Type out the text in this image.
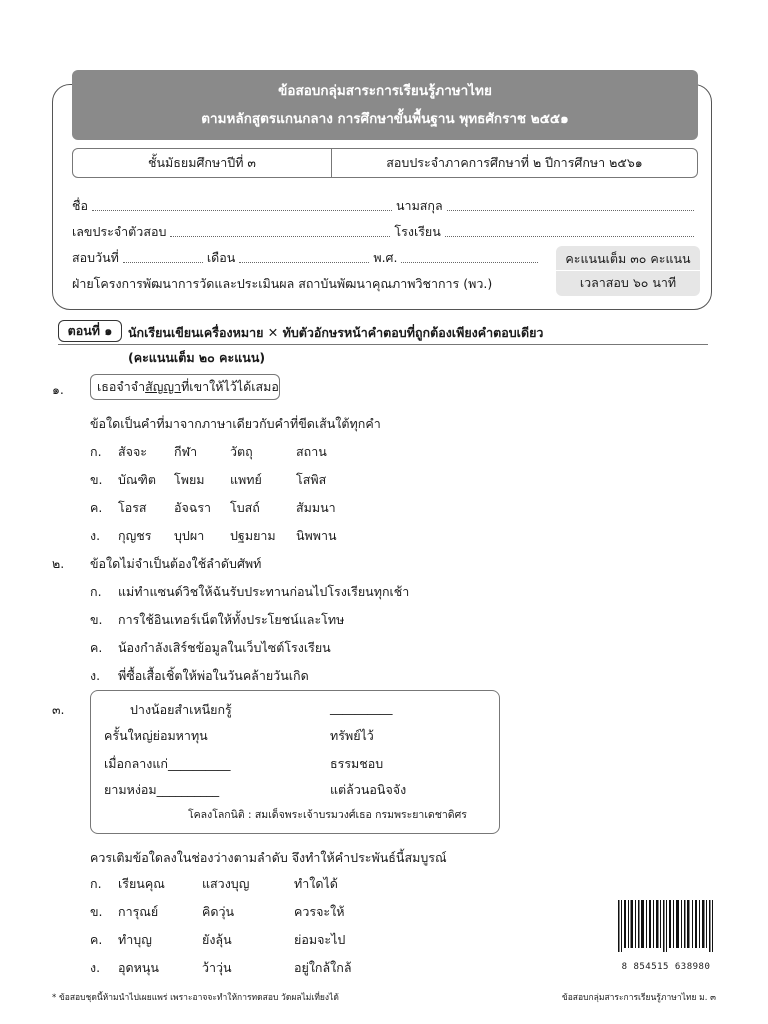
ข้อสอบกลุ่มสาระการเรียนรู้ภาษาไทย
ตามหลักสูตรแกนกลาง การศึกษาขั้นพื้นฐาน พุทธศักราช ๒๕๕๑
ชั้นมัธยมศึกษาปีที่ ๓	สอบประจำภาคการศึกษาที่ ๒ ปีการศึกษา ๒๕๖๑
ชื่อ	นามสกุล
เลขประจำตัวสอบ	โรงเรียน
สอบวันที่	เดือน	พ.ศ.
ฝ่ายโครงการพัฒนาการวัดและประเมินผล สถาบันพัฒนาคุณภาพวิชาการ (พว.)
คะแนนเต็ม ๓๐ คะแนน
เวลาสอบ ๖๐ นาที
ตอนที่ ๑	นักเรียนเขียนเครื่องหมาย ✕ ทับตัวอักษรหน้าคำตอบที่ถูกต้องเพียงคำตอบเดียว
(คะแนนเต็ม ๒๐ คะแนน)
๑.	เธอจำจำ สัญญา ที่เขาให้ไว้ได้เสมอ
ข้อใดเป็นคำที่มาจากภาษาเดียวกับคำที่ขีดเส้นใต้ทุกคำ
ก.	สัจจะ	กีฬา	วัตถุ	สถาน
ข.	บัณฑิต	โพยม	แพทย์	โสพิส
ค.	โอรส	อัจฉรา	โบสถ์	สัมมนา
ง.	กุญชร	บุปผา	ปฐมยาม	นิพพาน
๒. ข้อใดไม่จำเป็นต้องใช้ลำดับศัพท์
ก.	แม่ทำแซนด์วิชให้ฉันรับประทานก่อนไปโรงเรียนทุกเช้า
ข.	การใช้อินเทอร์เน็ตให้ทั้งประโยชน์และโทษ
ค.	น้องกำลังเสิร์ชข้อมูลในเว็บไซต์โรงเรียน
ง.	พี่ซื้อเสื้อเชิ้ตให้พ่อในวันคล้ายวันเกิด
๓.	ปางน้อยสำเหนียกรู้	__________
ครั้นใหญ่ย่อมหาทุน	ทรัพย์ไว้
เมื่อกลางแก่__________	ธรรมชอบ
ยามหง่อม__________	แต่ล้วนอนิจจัง
โคลงโลกนิติ : สมเด็จพระเจ้าบรมวงศ์เธอ กรมพระยาเดชาดิศร
ควรเติมข้อใดลงในช่องว่างตามลำดับ จึงทำให้คำประพันธ์นี้สมบูรณ์
ก.	เรียนคุณ	แสวงบุญ	ทำใดได้
ข.	การุณย์	คิดวุ่น	ควรจะให้
ค.	ทำบุญ	ยังลุ้น	ย่อมจะไป
ง.	อุดหนุน	ว้าวุ่น	อยู่ใกล้ใกล้	8 854515 638980
* ข้อสอบชุดนี้ห้ามนำไปเผยแพร่ เพราะอาจจะทำให้การทดสอบ วัดผลไม่เที่ยงได้	ข้อสอบกลุ่มสาระการเรียนรู้ภาษาไทย ม. ๓
